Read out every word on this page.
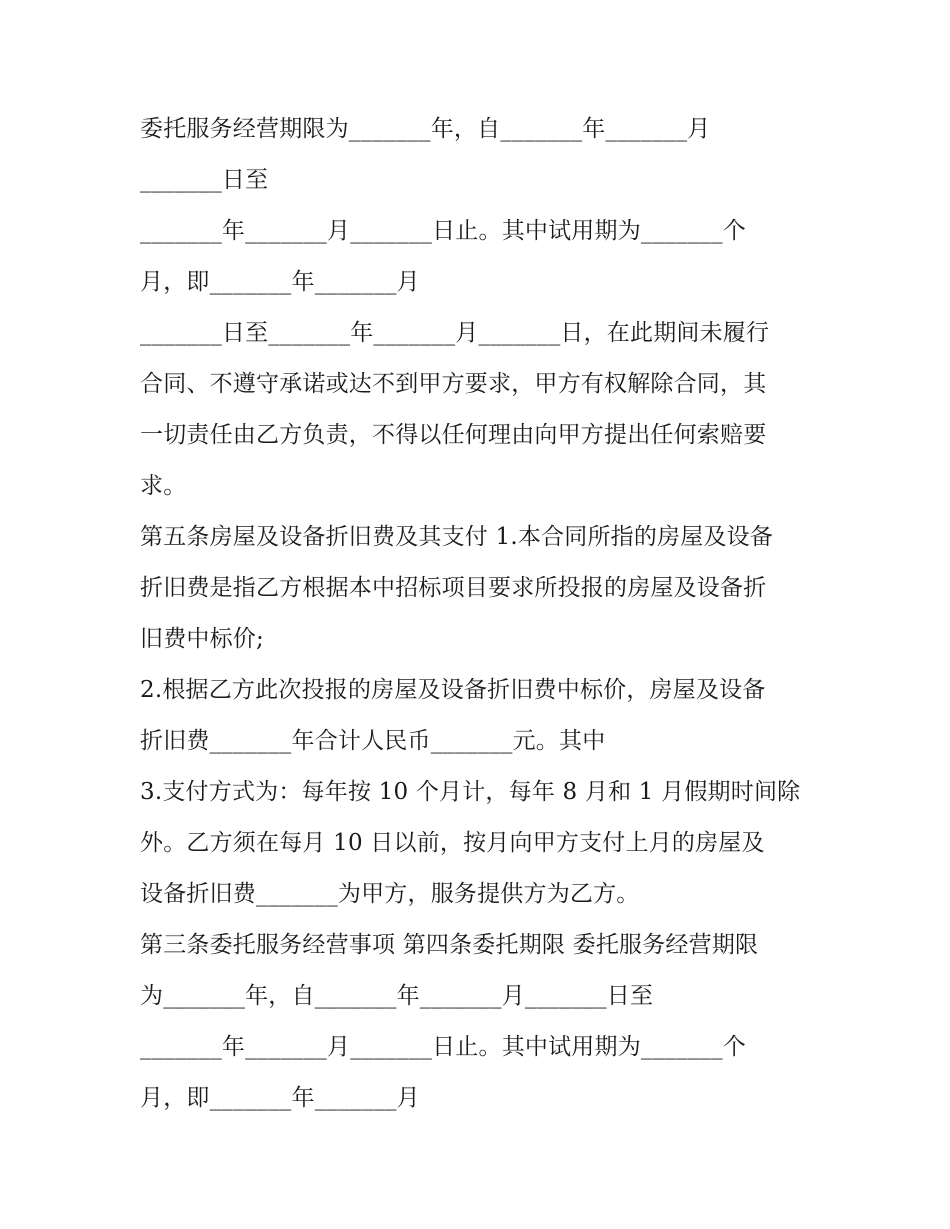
委托服务经营期限为_______年，自_______年_______月
_______日至
_______年_______月_______日止。其中试用期为_______个
月，即_______年_______月
_______日至_______年_______月_______日，在此期间未履行
合同、不遵守承诺或达不到甲方要求，甲方有权解除合同，其
一切责任由乙方负责，不得以任何理由向甲方提出任何索赔要
求。
第五条房屋及设备折旧费及其支付 1.本合同所指的房屋及设备
折旧费是指乙方根据本中招标项目要求所投报的房屋及设备折
旧费中标价;
2.根据乙方此次投报的房屋及设备折旧费中标价，房屋及设备
折旧费_______年合计人民币_______元。其中
3.支付方式为：每年按 10 个月计，每年 8 月和 1 月假期时间除
外。乙方须在每月 10 日以前，按月向甲方支付上月的房屋及
设备折旧费_______为甲方，服务提供方为乙方。
第三条委托服务经营事项 第四条委托期限 委托服务经营期限
为_______年，自_______年_______月_______日至
_______年_______月_______日止。其中试用期为_______个
月，即_______年_______月
